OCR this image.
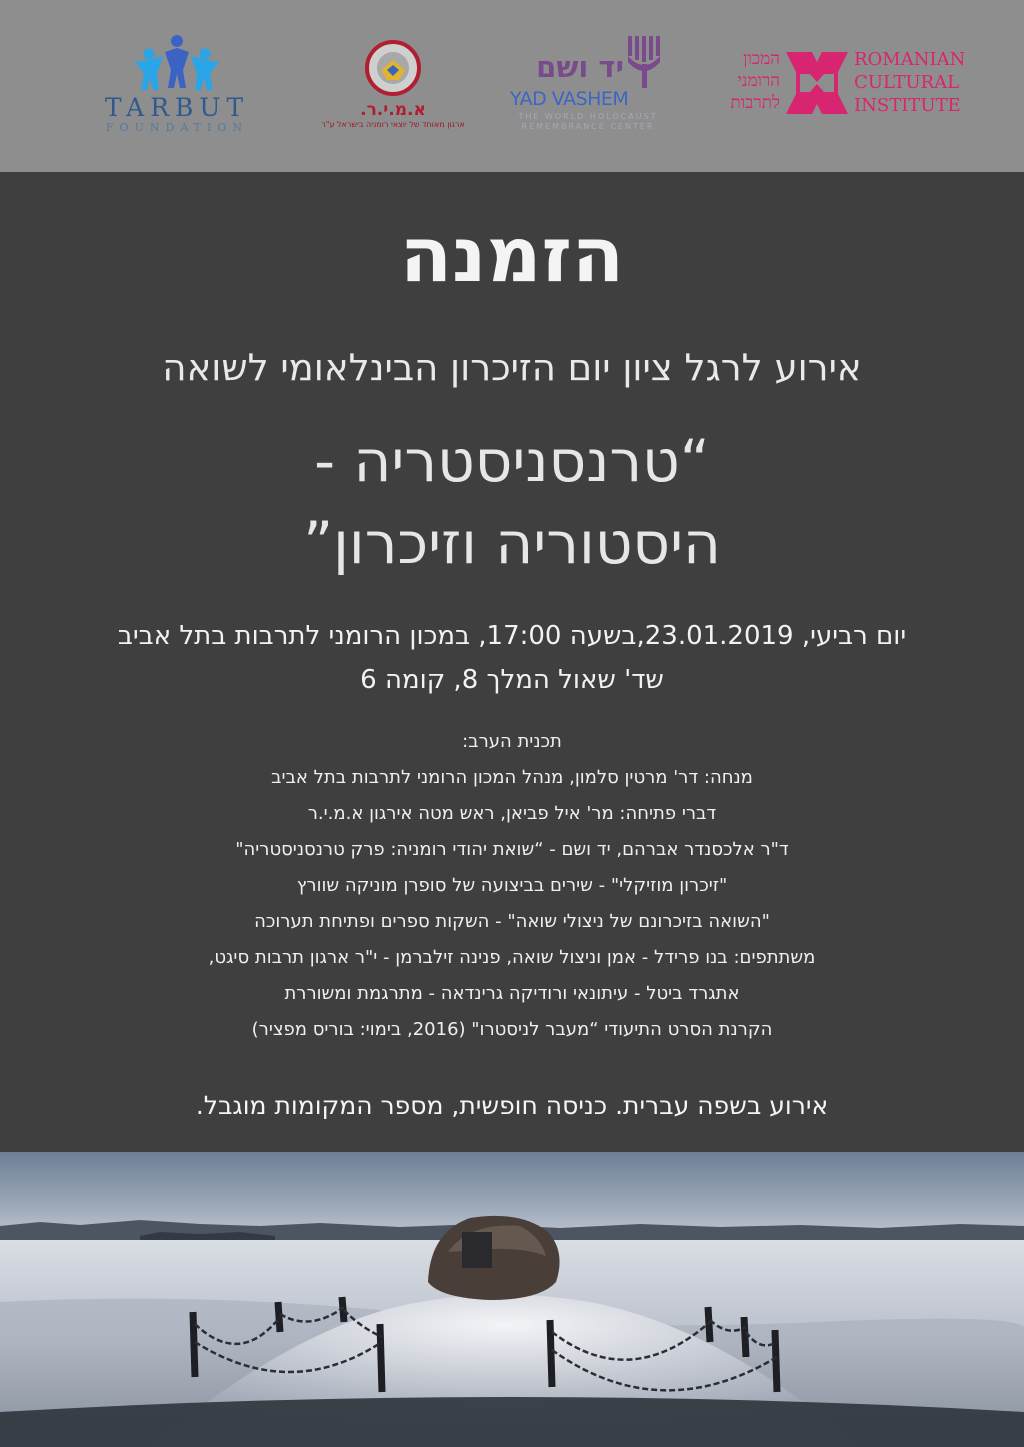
TARBUT
FOUNDATION
א.מ.י.ר.
ארגון מאוחד של יוצאי רומניה בישראל ע"ר
יד ושם
YAD VASHEM
THE WORLD HOLOCAUST REMEMBRANCE CENTER
המכון
הרומני
לתרבות
ROMANIAN
CULTURAL
INSTITUTE
הזמנה
אירוע לרגל ציון יום הזיכרון הבינלאומי לשואה
“טרנסניסטריה -
היסטוריה וזיכרון”
יום רביעי, 23.01.2019,בשעה 17:00, במכון הרומני לתרבות בתל אביב
שד' שאול המלך 8, קומה 6
תכנית הערב:
מנחה: דר' מרטין סלמון, מנהל המכון הרומני לתרבות בתל אביב
דברי פתיחה: מר' איל פביאן, ראש מטה אירגון א.מ.י.ר
ד"ר אלכסנדר אברהם, יד ושם - “שואת יהודי רומניה: פרק טרנסניסטריה"
"זיכרון מוזיקלי" - שירים בביצועה של סופרן מוניקה שוורץ
"השואה בזיכרונם של ניצולי שואה" - השקות ספרים ופתיחת תערוכה
משתתפים: בנו פרידל - אמן וניצול שואה, פנינה זילברמן - י"ר ארגון תרבות סיגט,
אתגרד ביטל - עיתונאי ורודיקה גרינדאה - מתרגמת ומשוררת
הקרנת הסרט התיעודי “מעבר לניסטרו" (2016, בימוי: בוריס מפציר)
אירוע בשפה עברית. כניסה חופשית, מספר המקומות מוגבל.
